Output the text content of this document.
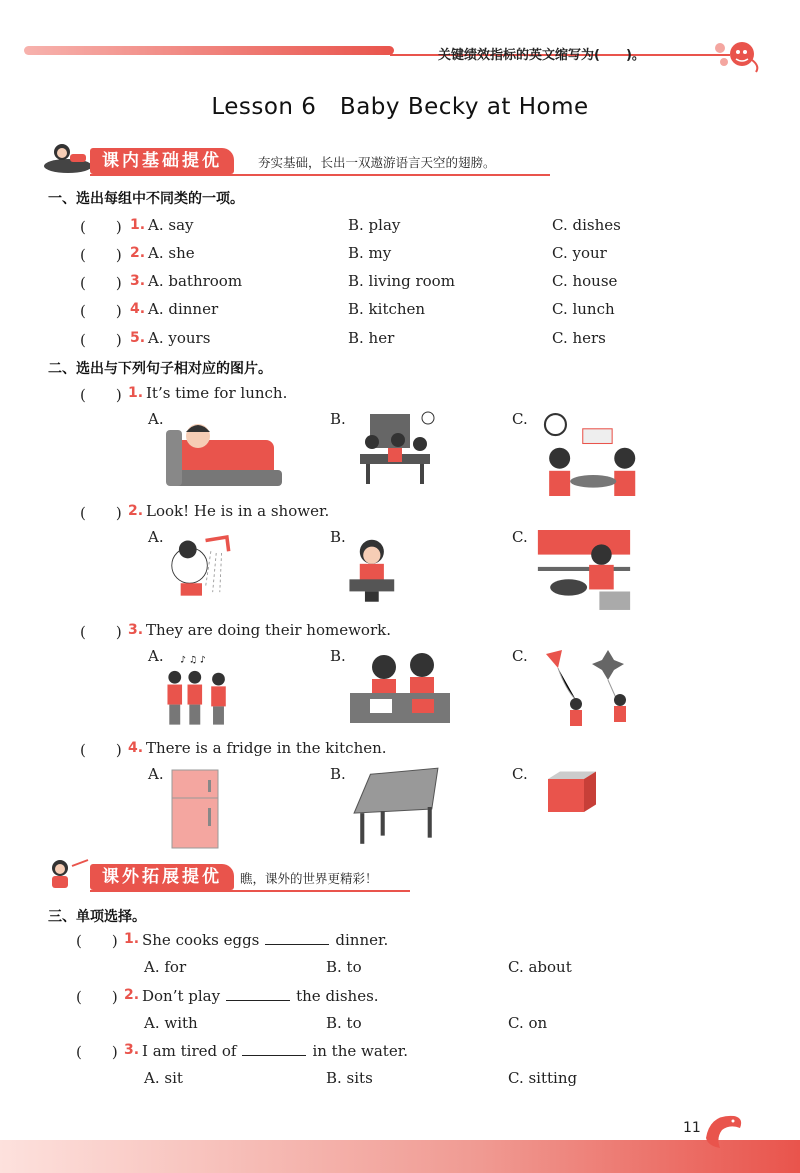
关键绩效指标的英文缩写为(　　)。
Lesson 6　Baby Becky at Home
课内基础提优	夯实基础，长出一双遨游语言天空的翅膀。
一、选出每组中不同类的一项。
(　　) 1. A. say	B. play	C. dishes
(　　) 2. A. she	B. my	C. your
(　　) 3. A. bathroom	B. living room	C. house
(　　) 4. A. dinner	B. kitchen	C. lunch
(　　) 5. A. yours	B. her	C. hers
二、选出与下列句子相对应的图片。
(　　) 1. It’s time for lunch.
A.	B.	C.
(　　) 2. Look! He is in a shower.
A.	B.	C.
(　　) 3. They are doing their homework.
A. ♪ ♫ ♪	B.	C.
(　　) 4. There is a fridge in the kitchen.
A.	B.	C.
课外拓展提优	瞧，课外的世界更精彩！
三、单项选择。
(　　) 1. She cooks eggs	dinner.
A. for	B. to	C. about
(　　) 2. Don’t play	the dishes.
A. with	B. to	C. on
(　　) 3. I am tired of	in the water.
A. sit	B. sits	C. sitting
11
